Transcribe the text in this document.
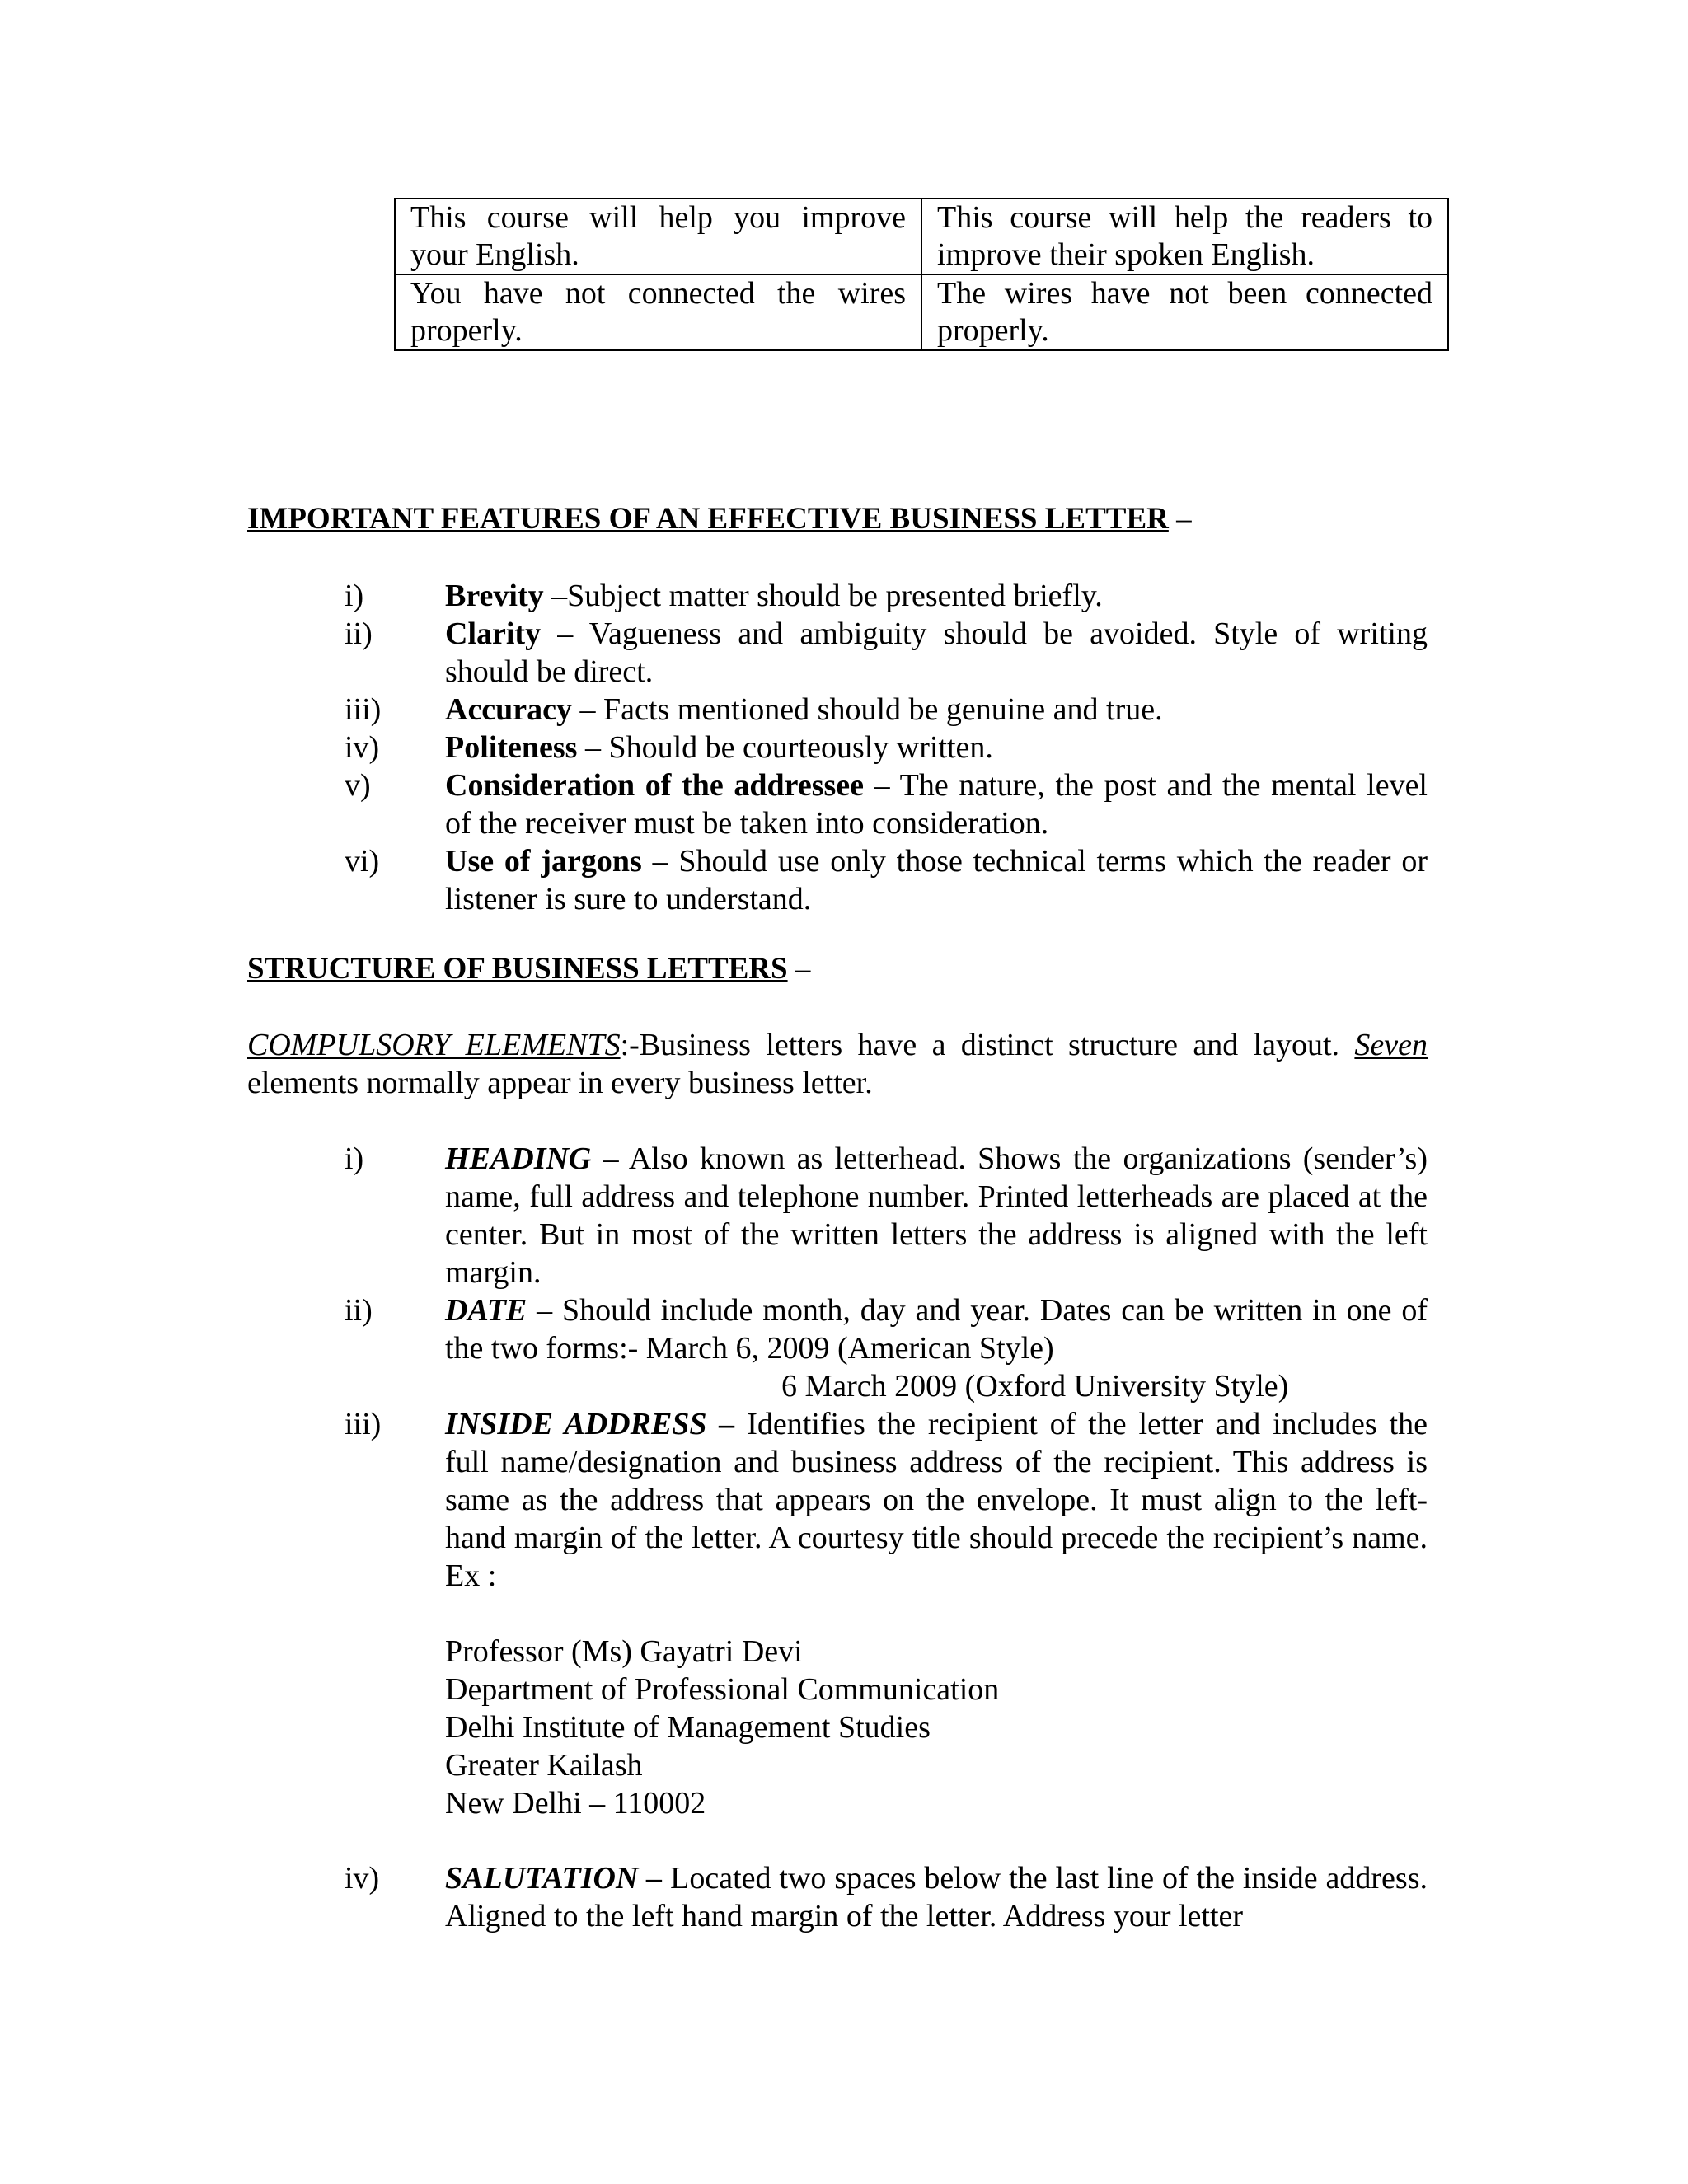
This course will help you improve your English.	This course will help the readers to improve their spoken English.
You have not connected the wires properly.	The wires have not been connected properly.
IMPORTANT FEATURES OF AN EFFECTIVE BUSINESS LETTER –
i)	Brevity –Subject matter should be presented briefly.
ii) Clarity – Vagueness and ambiguity should be avoided. Style of writing should be direct.
iii) Accuracy – Facts mentioned should be genuine and true.
iv) Politeness – Should be courteously written.
v) Consideration of the addressee – The nature, the post and the mental level of the receiver must be taken into consideration.
vi) Use of jargons – Should use only those technical terms which the reader or listener is sure to understand.
STRUCTURE OF BUSINESS LETTERS –
COMPULSORY ELEMENTS:-Business letters have a distinct structure and layout. Seven elements normally appear in every business letter.
i)	HEADING – Also known as letterhead. Shows the organizations (sender’s) name, full address and telephone number. Printed letterheads are placed at the center. But in most of the written letters the address is aligned with the left margin.
ii) DATE – Should include month, day and year. Dates can be written in one of the two forms:- March 6, 2009 (American Style)
6 March 2009 (Oxford University Style)
iii) INSIDE ADDRESS – Identifies the recipient of the letter and includes the full name/designation and business address of the recipient. This address is same as the address that appears on the envelope. It must align to the left-hand margin of the letter. A courtesy title should precede the recipient’s name. Ex :
Professor (Ms) Gayatri Devi
Department of Professional Communication
Delhi Institute of Management Studies
Greater Kailash
New Delhi – 110002
iv) SALUTATION – Located two spaces below the last line of the inside address. Aligned to the left hand margin of the letter. Address your letter
